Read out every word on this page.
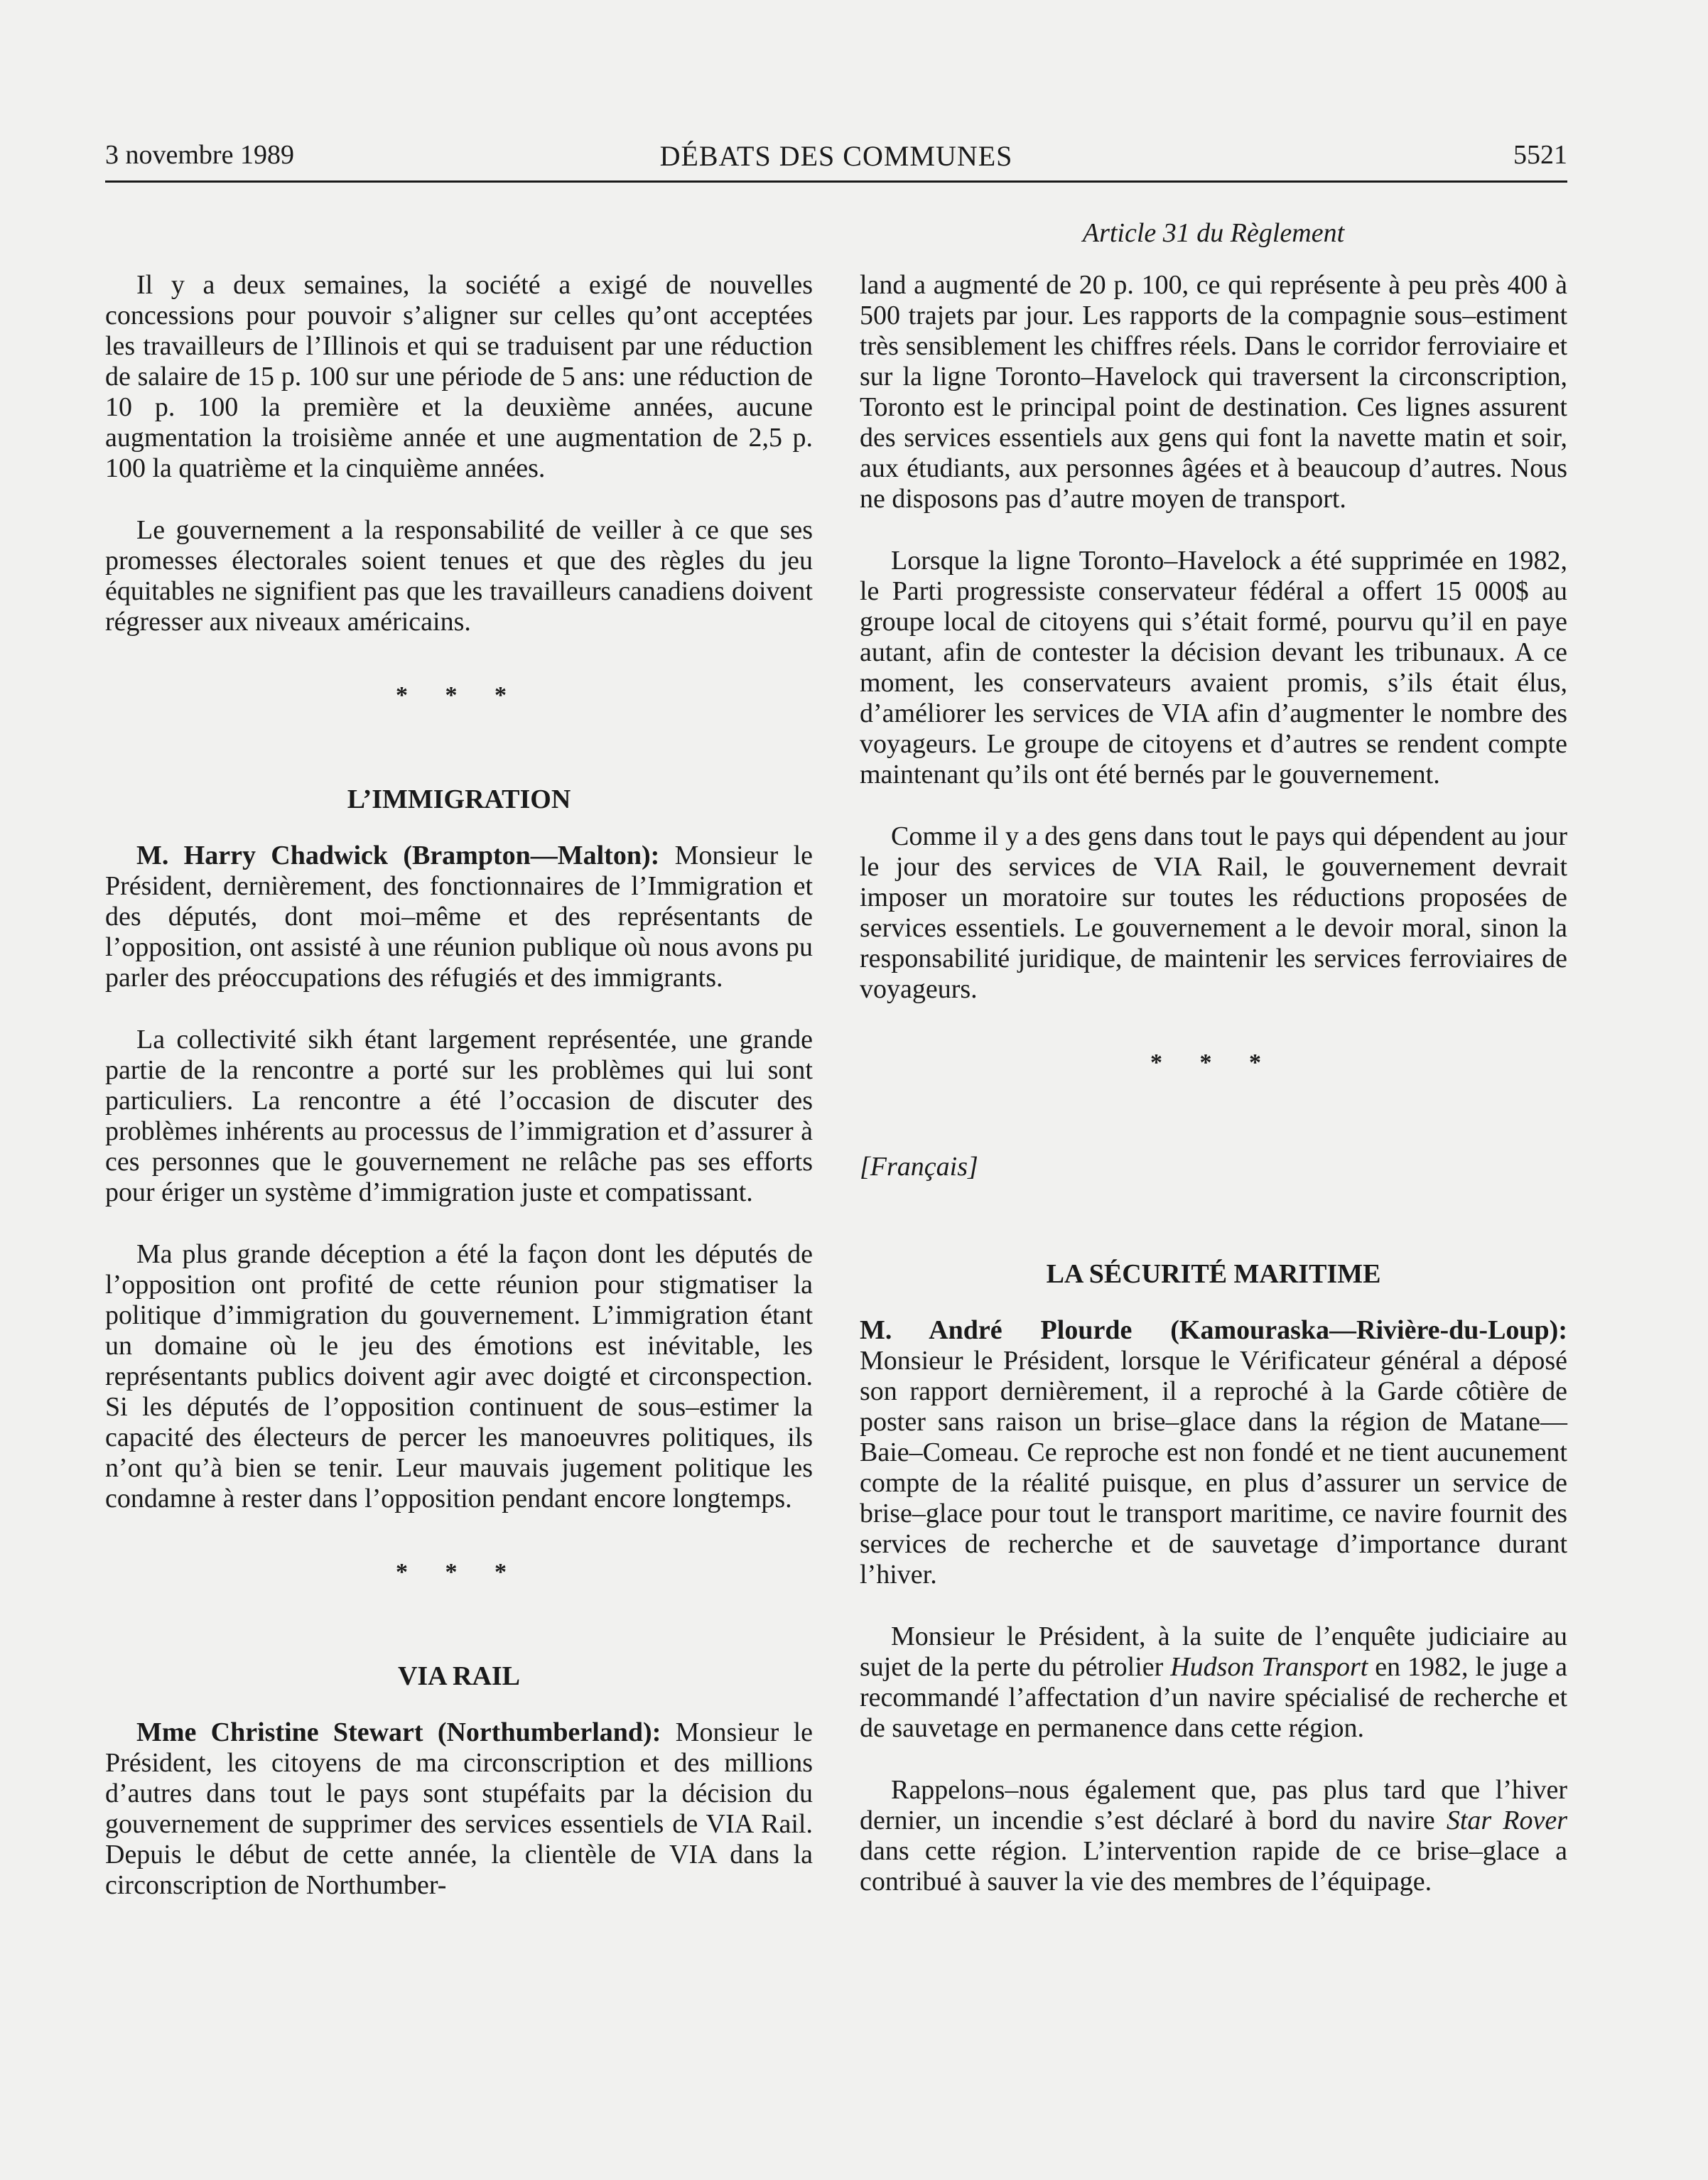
DÉBATS DES COMMUNES
3 novembre 1989	5521
Article 31 du Règlement

Il y a deux semaines, la société a exigé de nouvelles concessions pour pouvoir s’aligner sur celles qu’ont acceptées les travailleurs de l’Illinois et qui se traduisent par une réduction de salaire de 15 p. 100 sur une période de 5 ans: une réduction de 10 p. 100 la première et la deuxième années, aucune augmentation la troisième année et une augmentation de 2,5 p. 100 la quatrième et la cinquième années.

Le gouvernement a la responsabilité de veiller à ce que ses promesses électorales soient tenues et que des règles du jeu équitables ne signifient pas que les travailleurs canadiens doivent régresser aux niveaux américains.

* * *
L’IMMIGRATION

M. Harry Chadwick (Brampton—Malton): Monsieur le Président, dernièrement, des fonctionnaires de l’Immigration et des députés, dont moi–même et des représentants de l’opposition, ont assisté à une réunion publique où nous avons pu parler des préoccupations des réfugiés et des immigrants.

La collectivité sikh étant largement représentée, une grande partie de la rencontre a porté sur les problèmes qui lui sont particuliers. La rencontre a été l’occasion de discuter des problèmes inhérents au processus de l’immigration et d’assurer à ces personnes que le gouvernement ne relâche pas ses efforts pour ériger un système d’immigration juste et compatissant.

Ma plus grande déception a été la façon dont les députés de l’opposition ont profité de cette réunion pour stigmatiser la politique d’immigration du gouvernement. L’immigration étant un domaine où le jeu des émotions est inévitable, les représentants publics doivent agir avec doigté et circonspection. Si les députés de l’opposition continuent de sous–estimer la capacité des électeurs de percer les manoeuvres politiques, ils n’ont qu’à bien se tenir. Leur mauvais jugement politique les condamne à rester dans l’opposition pendant encore longtemps.

* * *
VIA RAIL

Mme Christine Stewart (Northumberland): Monsieur le Président, les citoyens de ma circonscription et des millions d’autres dans tout le pays sont stupéfaits par la décision du gouvernement de supprimer des services essentiels de VIA Rail. Depuis le début de cette année, la clientèle de VIA dans la circonscription de Northumber-

land a augmenté de 20 p. 100, ce qui représente à peu près 400 à 500 trajets par jour. Les rapports de la compagnie sous–estiment très sensiblement les chiffres réels. Dans le corridor ferroviaire et sur la ligne Toronto–Havelock qui traversent la circonscription, Toronto est le principal point de destination. Ces lignes assurent des services essentiels aux gens qui font la navette matin et soir, aux étudiants, aux personnes âgées et à beaucoup d’autres. Nous ne disposons pas d’autre moyen de transport.

Lorsque la ligne Toronto–Havelock a été supprimée en 1982, le Parti progressiste conservateur fédéral a offert 15 000$ au groupe local de citoyens qui s’était formé, pourvu qu’il en paye autant, afin de contester la décision devant les tribunaux. A ce moment, les conservateurs avaient promis, s’ils était élus, d’améliorer les services de VIA afin d’augmenter le nombre des voyageurs. Le groupe de citoyens et d’autres se rendent compte maintenant qu’ils ont été bernés par le gouvernement.

Comme il y a des gens dans tout le pays qui dépendent au jour le jour des services de VIA Rail, le gouvernement devrait imposer un moratoire sur toutes les réductions proposées de services essentiels. Le gouvernement a le devoir moral, sinon la responsabilité juridique, de maintenir les services ferroviaires de voyageurs.

* * *
[Français]
LA SÉCURITÉ MARITIME

M. André Plourde (Kamouraska—Rivière-du-Loup): Monsieur le Président, lorsque le Vérificateur général a déposé son rapport dernièrement, il a reproché à la Garde côtière de poster sans raison un brise–glace dans la région de Matane—Baie–Comeau. Ce reproche est non fondé et ne tient aucunement compte de la réalité puisque, en plus d’assurer un service de brise–glace pour tout le transport maritime, ce navire fournit des services de recherche et de sauvetage d’importance durant l’hiver.

Monsieur le Président, à la suite de l’enquête judiciaire au sujet de la perte du pétrolier Hudson Transport en 1982, le juge a recommandé l’affectation d’un navire spécialisé de recherche et de sauvetage en permanence dans cette région.

Rappelons–nous également que, pas plus tard que l’hiver dernier, un incendie s’est déclaré à bord du navire Star Rover dans cette région. L’intervention rapide de ce brise–glace a contribué à sauver la vie des membres de l’équipage.
